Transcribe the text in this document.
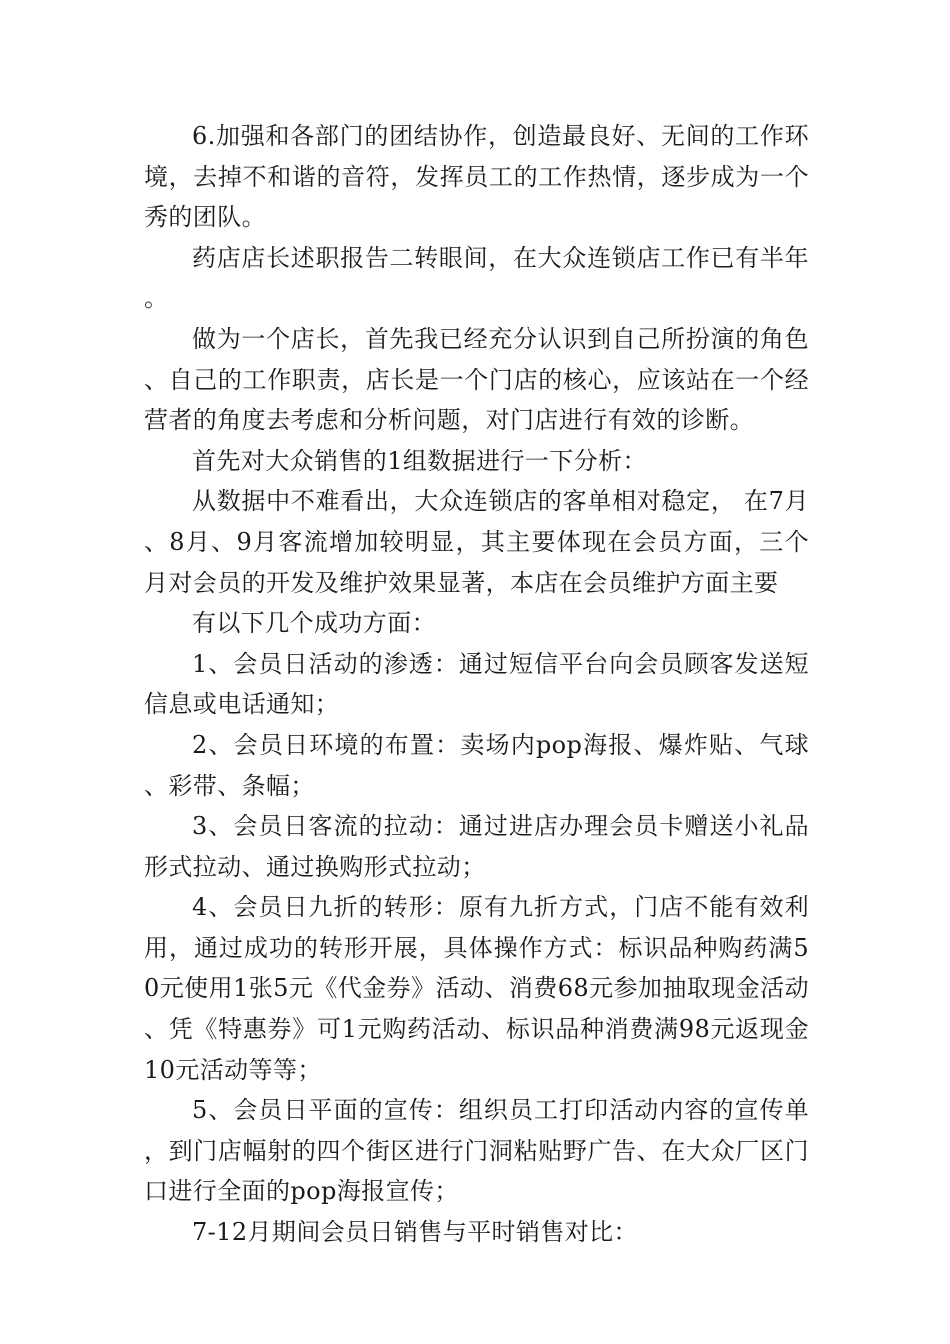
6.加强和各部门的团结协作，创造最良好、无间的工作环境，去掉不和谐的音符，发挥员工的工作热情，逐步成为一个秀的团队。

药店店长述职报告二转眼间，在大众连锁店工作已有半年。

做为一个店长，首先我已经充分认识到自己所扮演的角色、自己的工作职责，店长是一个门店的核心，应该站在一个经营者的角度去考虑和分析问题，对门店进行有效的诊断。

首先对大众销售的1组数据进行一下分析：

从数据中不难看出，大众连锁店的客单相对稳定， 在7月、8月、9月客流增加较明显，其主要体现在会员方面，三个月对会员的开发及维护效果显著，本店在会员维护方面主要

有以下几个成功方面：

1、会员日活动的渗透：通过短信平台向会员顾客发送短信息或电话通知；

2、会员日环境的布置：卖场内pop海报、爆炸贴、气球、彩带、条幅；

3、会员日客流的拉动：通过进店办理会员卡赠送小礼品形式拉动、通过换购形式拉动；

4、会员日九折的转形：原有九折方式，门店不能有效利用，通过成功的转形开展，具体操作方式：标识品种购药满50元使用1张5元《代金券》活动、消费68元参加抽取现金活动、凭《特惠券》可1元购药活动、标识品种消费满98元返现金10元活动等等；

5、会员日平面的宣传：组织员工打印活动内容的宣传单，到门店幅射的四个街区进行门洞粘贴野广告、在大众厂区门口进行全面的pop海报宣传；

7-12月期间会员日销售与平时销售对比：
